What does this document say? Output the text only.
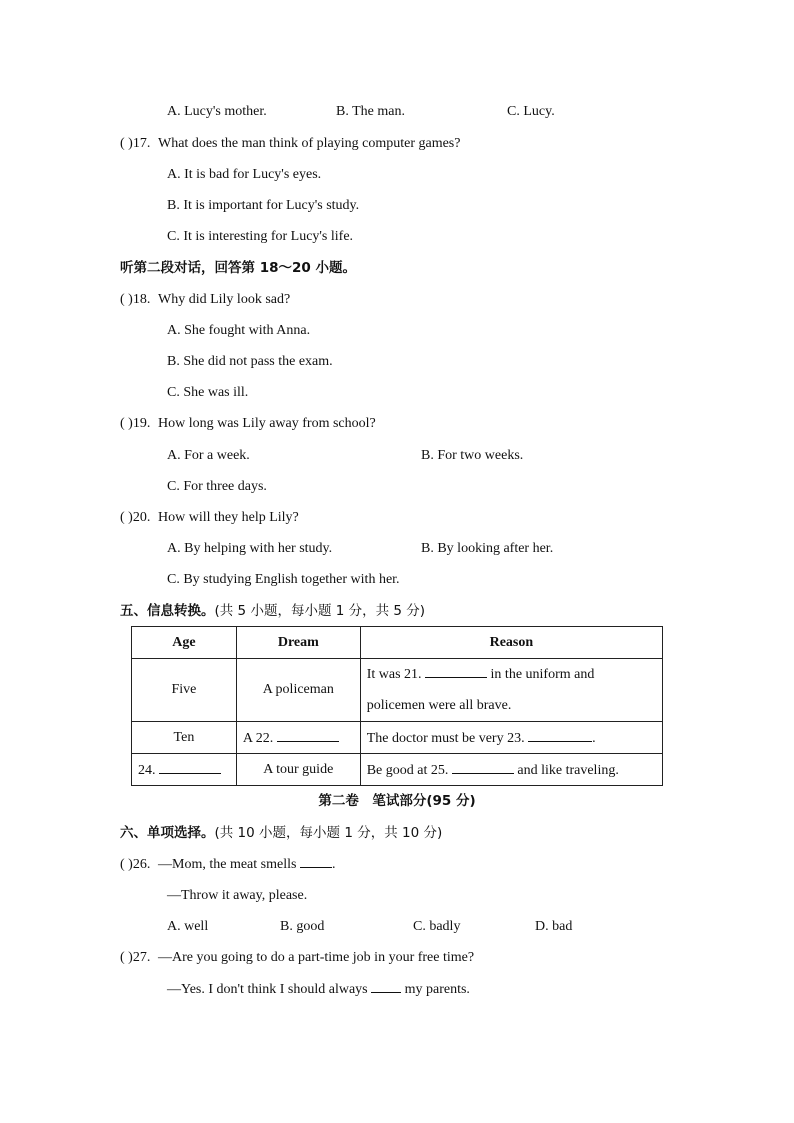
A. Lucy's mother.	B. The man.	C. Lucy.
( )17. What does the man think of playing computer games?
A. It is bad for Lucy's eyes.
B. It is important for Lucy's study.
C. It is interesting for Lucy's life.
听第二段对话，回答第 18～20 小题。
( )18. Why did Lily look sad?
A. She fought with Anna.
B. She did not pass the exam.
C. She was ill.
( )19. How long was Lily away from school?
A. For a week.	B. For two weeks.
C. For three days.
( )20. How will they help Lily?
A. By helping with her study.	B. By looking after her.
C. By studying English together with her.
五、信息转换。(共 5 小题，每小题 1 分，共 5 分)
Age	Dream	Reason
Five	A policeman	It was 21. in the uniform and
policemen were all brave.
Ten	A 22.	The doctor must be very 23. .
24.	A tour guide	Be good at 25. and like traveling.
第二卷　笔试部分(95 分)
六、单项选择。(共 10 小题，每小题 1 分，共 10 分)
( )26. —Mom, the meat smells	.
—Throw it away, please.
A. well	B. good	C. badly	D. bad
( )27. —Are you going to do a part-time job in your free time?
—Yes. I don't think I should always	my parents.
